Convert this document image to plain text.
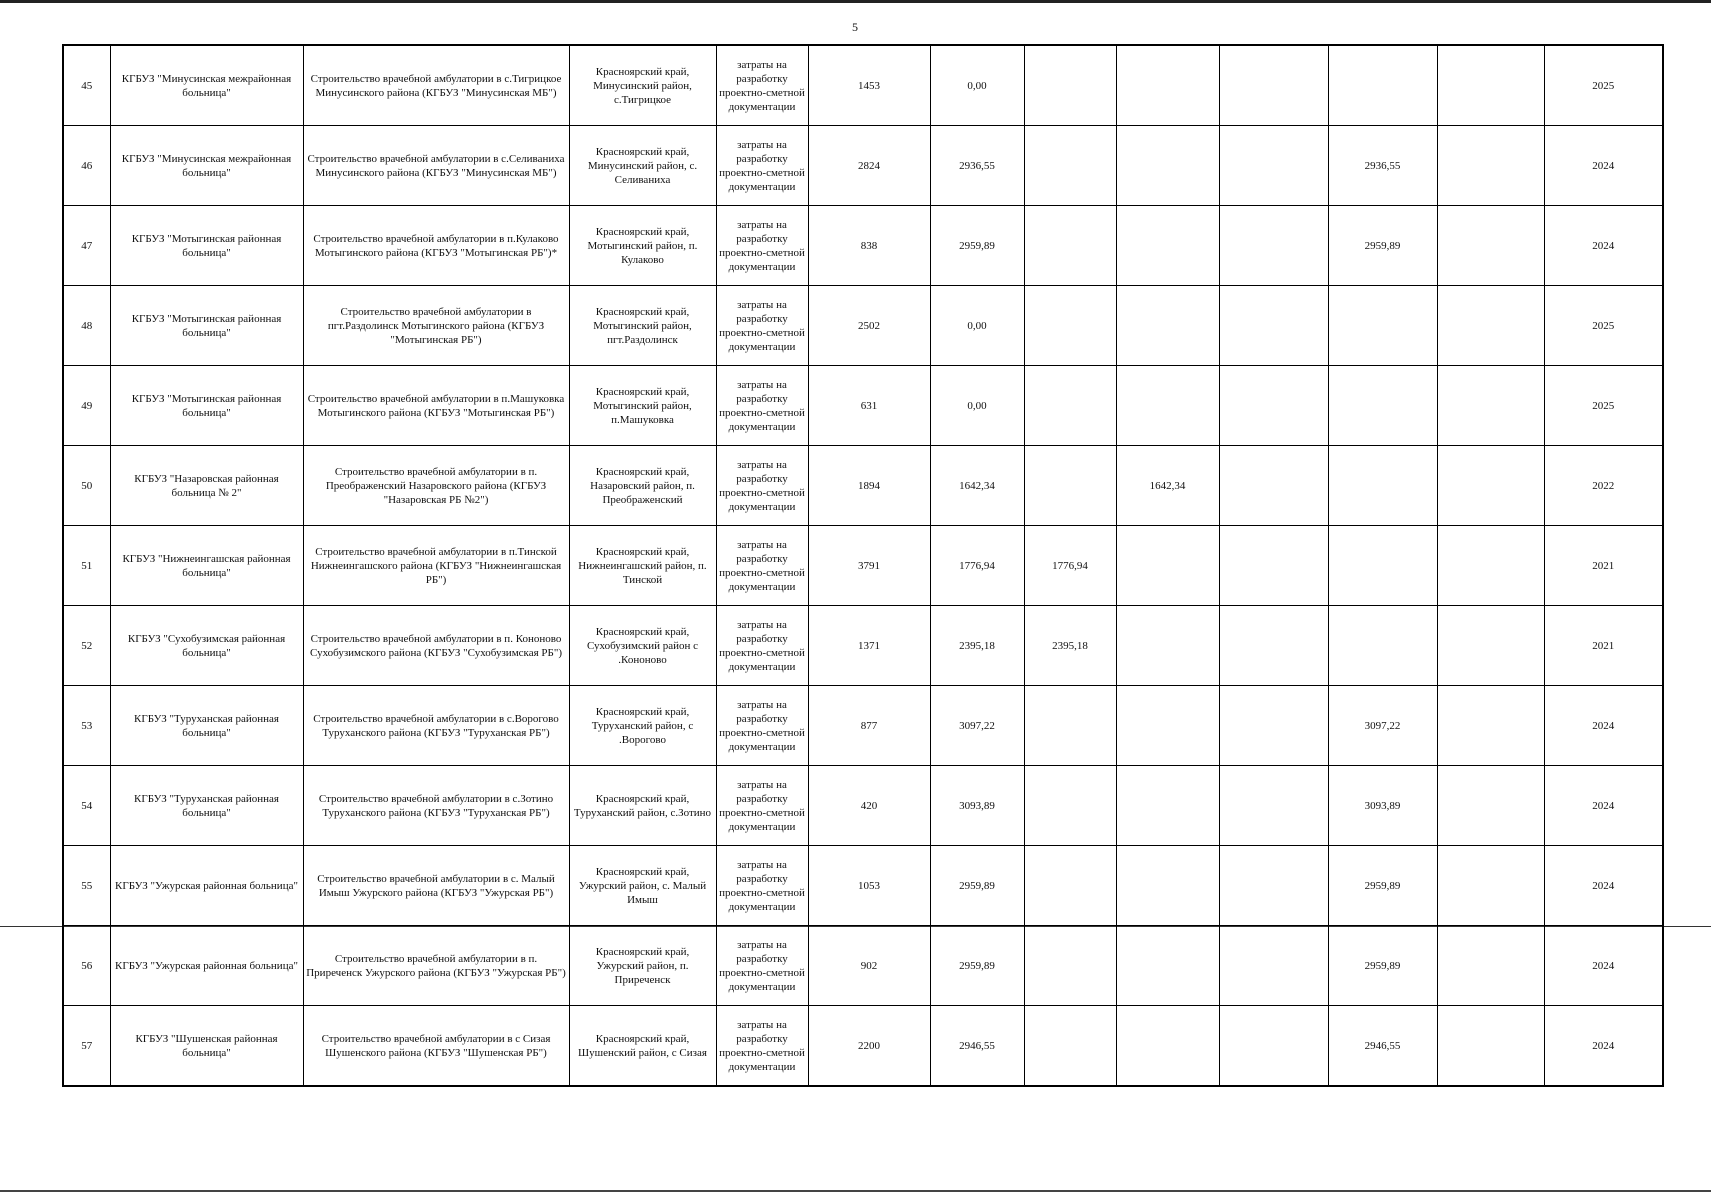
5
45	КГБУЗ "Минусинская межрайонная больница"	Строительство врачебной амбулатории в с.Тигрицкое Минусинского района (КГБУЗ "Минусинская МБ")	Красноярский край, Минусинский район, с.Тигрицкое	затраты на разработку проектно-сметной документации	1453	0,00						2025
46	КГБУЗ "Минусинская межрайонная больница"	Строительство врачебной амбулатории в с.Селиваниха Минусинского района (КГБУЗ "Минусинская МБ")	Красноярский край, Минусинский район, с. Селиваниха	затраты на разработку проектно-сметной документации	2824	2936,55				2936,55		2024
47	КГБУЗ "Мотыгинская районная больница"	Строительство врачебной амбулатории в п.Кулаково Мотыгинского района (КГБУЗ "Мотыгинская РБ")*	Красноярский край, Мотыгинский район, п. Кулаково	затраты на разработку проектно-сметной документации	838	2959,89				2959,89		2024
48	КГБУЗ "Мотыгинская районная больница"	Строительство врачебной амбулатории в пгт.Раздолинск Мотыгинского района (КГБУЗ "Мотыгинская РБ")	Красноярский край, Мотыгинский район, пгт.Раздолинск	затраты на разработку проектно-сметной документации	2502	0,00						2025
49	КГБУЗ "Мотыгинская районная больница"	Строительство врачебной амбулатории в п.Машуковка Мотыгинского района (КГБУЗ "Мотыгинская РБ")	Красноярский край, Мотыгинский район, п.Машуковка	затраты на разработку проектно-сметной документации	631	0,00						2025
50	КГБУЗ "Назаровская районная больница № 2"	Строительство врачебной амбулатории в п. Преображенский Назаровского района (КГБУЗ "Назаровская РБ №2")	Красноярский край, Назаровский район, п. Преображенский	затраты на разработку проектно-сметной документации	1894	1642,34		1642,34				2022
51	КГБУЗ "Нижнеингашская районная больница"	Строительство врачебной амбулатории в п.Тинской Нижнеингашского района (КГБУЗ "Нижнеингашская РБ")	Красноярский край, Нижнеингашский район, п. Тинской	затраты на разработку проектно-сметной документации	3791	1776,94	1776,94					2021
52	КГБУЗ "Сухобузимская районная больница"	Строительство врачебной амбулатории в п. Кононово Сухобузимского района (КГБУЗ "Сухобузимская РБ")	Красноярский край, Сухобузимский район с .Кононово	затраты на разработку проектно-сметной документации	1371	2395,18	2395,18					2021
53	КГБУЗ "Туруханская районная больница"	Строительство врачебной амбулатории в с.Ворогово Туруханского района (КГБУЗ "Туруханская РБ")	Красноярский край, Туруханский район, с .Ворогово	затраты на разработку проектно-сметной документации	877	3097,22				3097,22		2024
54	КГБУЗ "Туруханская районная больница"	Строительство врачебной амбулатории в с.Зотино Туруханского района (КГБУЗ "Туруханская РБ")	Красноярский край, Туруханский район, с.Зотино	затраты на разработку проектно-сметной документации	420	3093,89				3093,89		2024
55	КГБУЗ "Ужурская районная больница"	Строительство врачебной амбулатории в с. Малый Имыш Ужурского района (КГБУЗ "Ужурская РБ")	Красноярский край, Ужурский район, с. Малый Имыш	затраты на разработку проектно-сметной документации	1053	2959,89				2959,89		2024
56	КГБУЗ "Ужурская районная больница"	Строительство врачебной амбулатории в п. Приреченск Ужурского района (КГБУЗ "Ужурская РБ")	Красноярский край, Ужурский район, п. Приреченск	затраты на разработку проектно-сметной документации	902	2959,89				2959,89		2024
57	КГБУЗ "Шушенская районная больница"	Строительство врачебной амбулатории в с Сизая Шушенского района (КГБУЗ "Шушенская РБ")	Красноярский край, Шушенский район, с Сизая	затраты на разработку проектно-сметной документации	2200	2946,55				2946,55		2024
